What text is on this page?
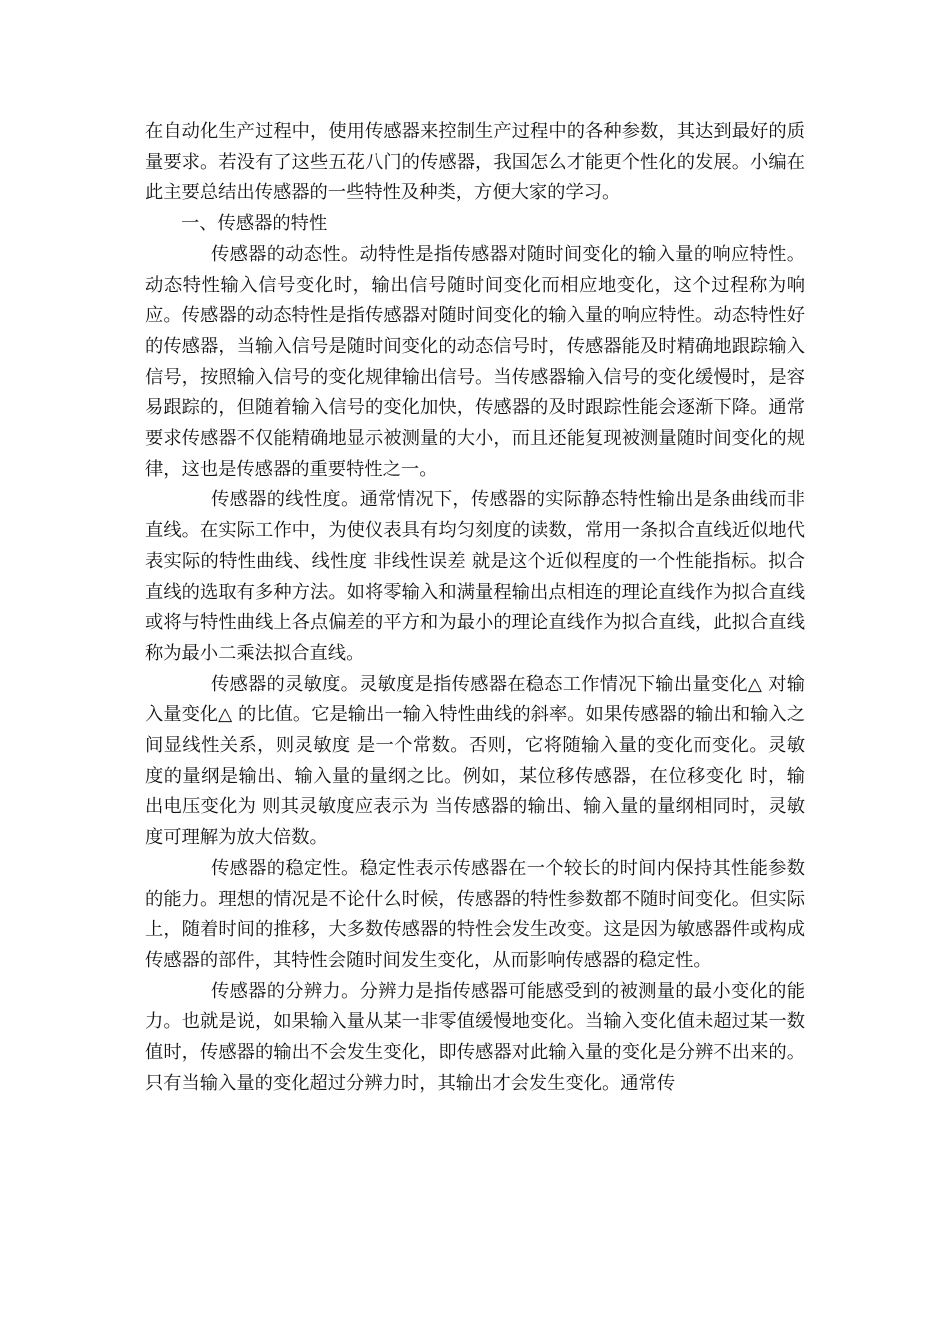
在自动化生产过程中，使用传感器来控制生产过程中的各种参数，其达到最好的质量要求。若没有了这些五花八门的传感器，我国怎么才能更个性化的发展。小编在此主要总结出传感器的一些特性及种类，方便大家的学习。

一、传感器的特性

传感器的动态性。动特性是指传感器对随时间变化的输入量的响应特性。动态特性输入信号变化时，输出信号随时间变化而相应地变化，这个过程称为响应。传感器的动态特性是指传感器对随时间变化的输入量的响应特性。动态特性好的传感器，当输入信号是随时间变化的动态信号时，传感器能及时精确地跟踪输入信号，按照输入信号的变化规律输出信号。当传感器输入信号的变化缓慢时，是容易跟踪的，但随着输入信号的变化加快，传感器的及时跟踪性能会逐渐下降。通常要求传感器不仅能精确地显示被测量的大小，而且还能复现被测量随时间变化的规律，这也是传感器的重要特性之一。

传感器的线性度。通常情况下，传感器的实际静态特性输出是条曲线而非直线。在实际工作中，为使仪表具有均匀刻度的读数，常用一条拟合直线近似地代表实际的特性曲线、线性度 非线性误差 就是这个近似程度的一个性能指标。拟合直线的选取有多种方法。如将零输入和满量程输出点相连的理论直线作为拟合直线 或将与特性曲线上各点偏差的平方和为最小的理论直线作为拟合直线，此拟合直线称为最小二乘法拟合直线。

传感器的灵敏度。灵敏度是指传感器在稳态工作情况下输出量变化△ 对输入量变化△ 的比值。它是输出一输入特性曲线的斜率。如果传感器的输出和输入之间显线性关系，则灵敏度 是一个常数。否则，它将随输入量的变化而变化。灵敏度的量纲是输出、输入量的量纲之比。例如，某位移传感器，在位移变化 时，输出电压变化为 则其灵敏度应表示为 当传感器的输出、输入量的量纲相同时，灵敏度可理解为放大倍数。

传感器的稳定性。稳定性表示传感器在一个较长的时间内保持其性能参数的能力。理想的情况是不论什么时候，传感器的特性参数都不随时间变化。但实际上，随着时间的推移，大多数传感器的特性会发生改变。这是因为敏感器件或构成传感器的部件，其特性会随时间发生变化，从而影响传感器的稳定性。

传感器的分辨力。分辨力是指传感器可能感受到的被测量的最小变化的能力。也就是说，如果输入量从某一非零值缓慢地变化。当输入变化值未超过某一数值时，传感器的输出不会发生变化，即传感器对此输入量的变化是分辨不出来的。只有当输入量的变化超过分辨力时，其输出才会发生变化。通常传
